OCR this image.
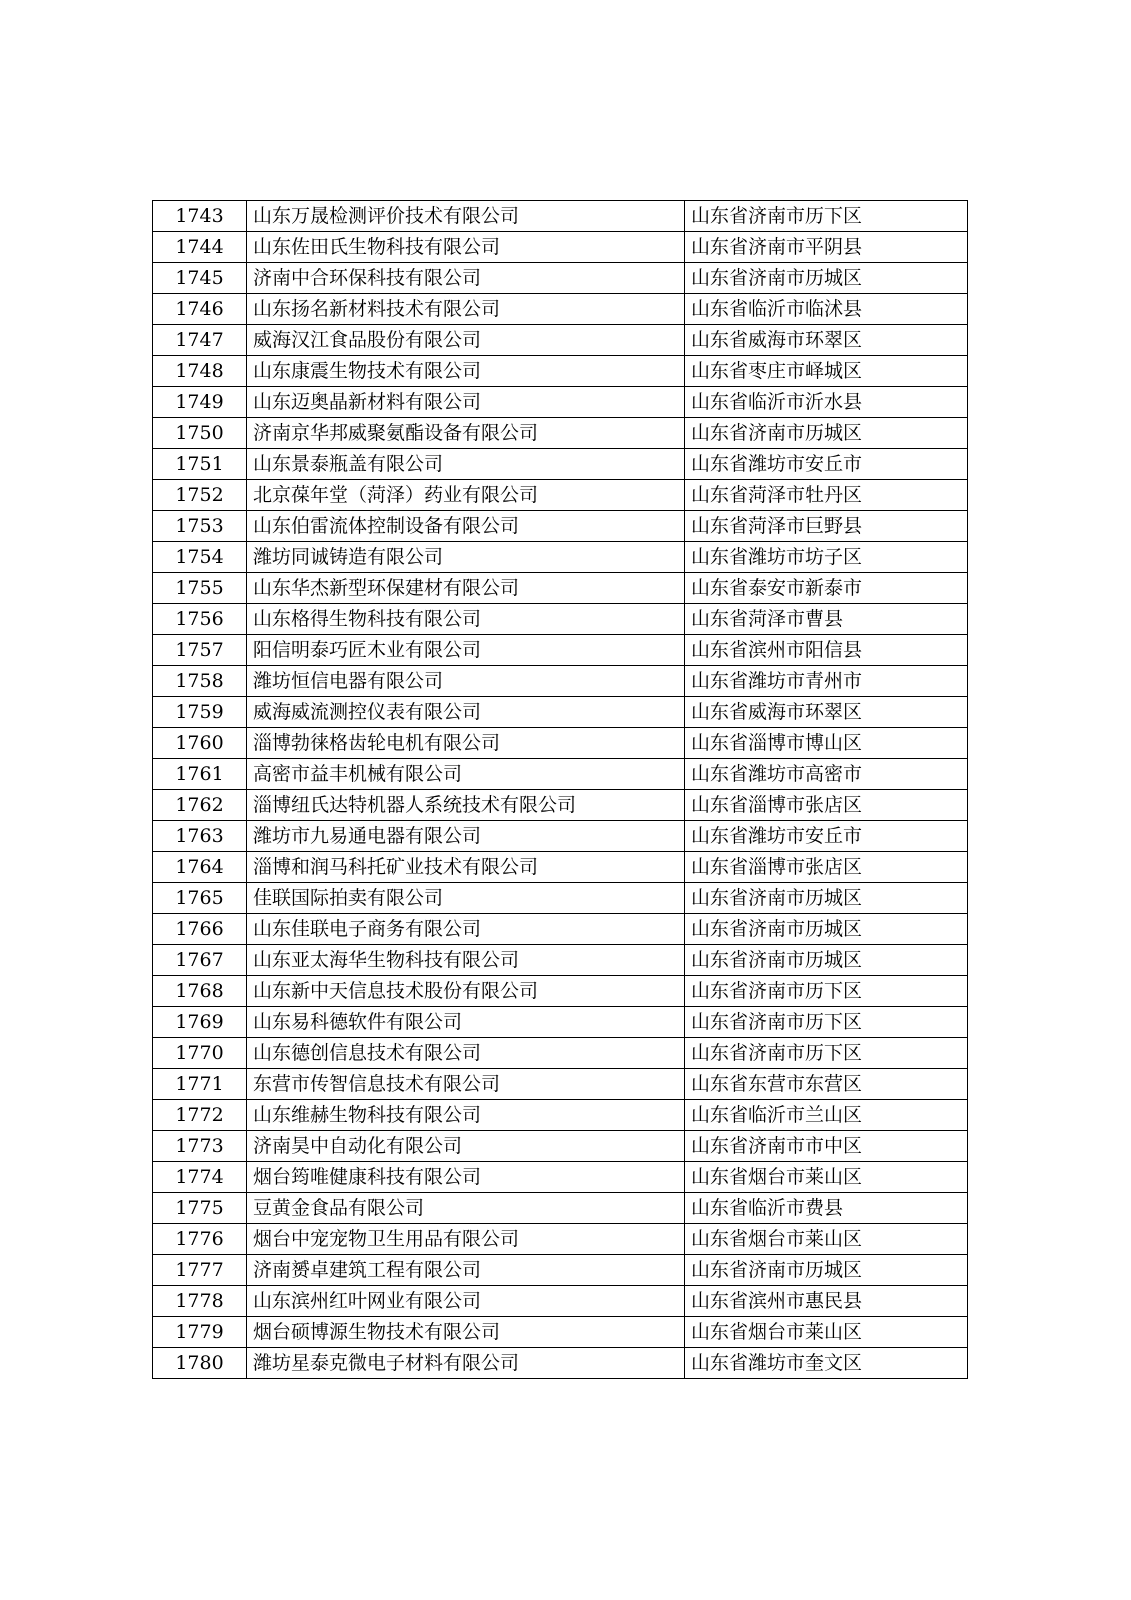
1743	山东万晟检测评价技术有限公司	山东省济南市历下区
1744	山东佐田氏生物科技有限公司	山东省济南市平阴县
1745	济南中合环保科技有限公司	山东省济南市历城区
1746	山东扬名新材料技术有限公司	山东省临沂市临沭县
1747	威海汉江食品股份有限公司	山东省威海市环翠区
1748	山东康震生物技术有限公司	山东省枣庄市峄城区
1749	山东迈奥晶新材料有限公司	山东省临沂市沂水县
1750	济南京华邦威聚氨酯设备有限公司	山东省济南市历城区
1751	山东景泰瓶盖有限公司	山东省潍坊市安丘市
1752	北京葆年堂（菏泽）药业有限公司	山东省菏泽市牡丹区
1753	山东伯雷流体控制设备有限公司	山东省菏泽市巨野县
1754	潍坊同诚铸造有限公司	山东省潍坊市坊子区
1755	山东华杰新型环保建材有限公司	山东省泰安市新泰市
1756	山东格得生物科技有限公司	山东省菏泽市曹县
1757	阳信明泰巧匠木业有限公司	山东省滨州市阳信县
1758	潍坊恒信电器有限公司	山东省潍坊市青州市
1759	威海威流测控仪表有限公司	山东省威海市环翠区
1760	淄博勃徕格齿轮电机有限公司	山东省淄博市博山区
1761	高密市益丰机械有限公司	山东省潍坊市高密市
1762	淄博纽氏达特机器人系统技术有限公司	山东省淄博市张店区
1763	潍坊市九易通电器有限公司	山东省潍坊市安丘市
1764	淄博和润马科托矿业技术有限公司	山东省淄博市张店区
1765	佳联国际拍卖有限公司	山东省济南市历城区
1766	山东佳联电子商务有限公司	山东省济南市历城区
1767	山东亚太海华生物科技有限公司	山东省济南市历城区
1768	山东新中天信息技术股份有限公司	山东省济南市历下区
1769	山东易科德软件有限公司	山东省济南市历下区
1770	山东德创信息技术有限公司	山东省济南市历下区
1771	东营市传智信息技术有限公司	山东省东营市东营区
1772	山东维赫生物科技有限公司	山东省临沂市兰山区
1773	济南昊中自动化有限公司	山东省济南市市中区
1774	烟台筠唯健康科技有限公司	山东省烟台市莱山区
1775	豆黄金食品有限公司	山东省临沂市费县
1776	烟台中宠宠物卫生用品有限公司	山东省烟台市莱山区
1777	济南赟卓建筑工程有限公司	山东省济南市历城区
1778	山东滨州红叶网业有限公司	山东省滨州市惠民县
1779	烟台硕博源生物技术有限公司	山东省烟台市莱山区
1780	潍坊星泰克微电子材料有限公司	山东省潍坊市奎文区
